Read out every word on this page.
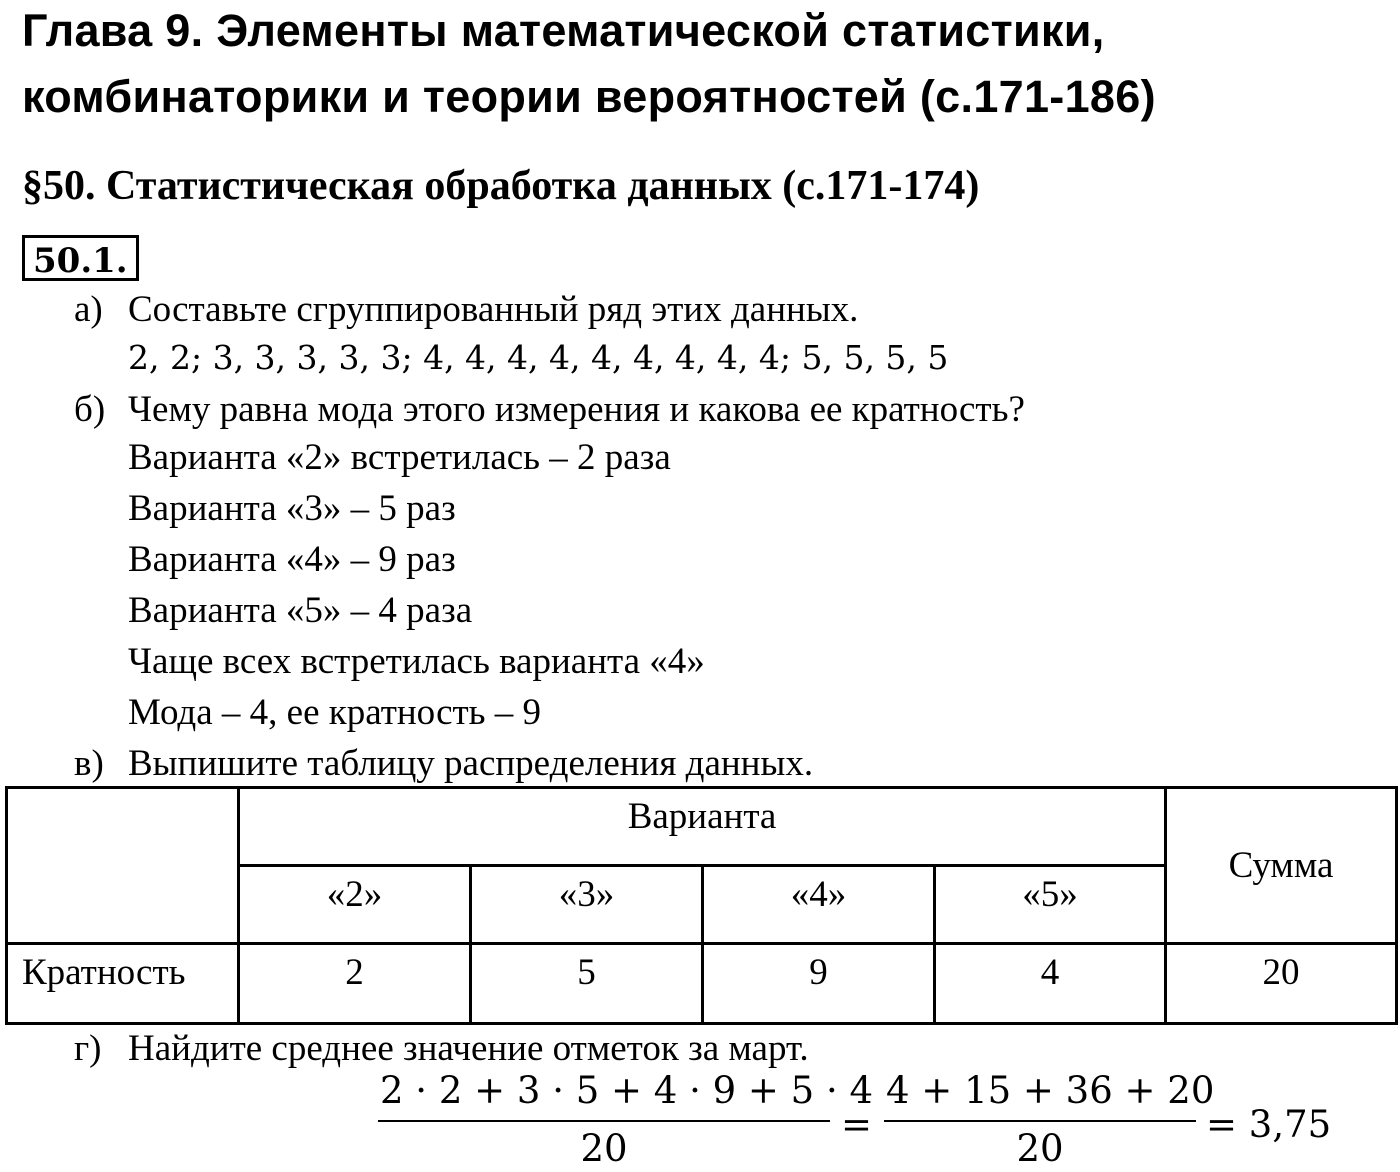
Глава 9. Элементы математической статистики,
комбинаторики и теории вероятностей (с.171-186)
§50. Статистическая обработка данных (с.171-174)
50.1.
а) Составьте сгруппированный ряд этих данных.
2, 2; 3, 3, 3, 3, 3; 4, 4, 4, 4, 4, 4, 4, 4, 4; 5, 5, 5, 5
б) Чему равна мода этого измерения и какова ее кратность?
Варианта «2» встретилась – 2 раза
Варианта «3» – 5 раз
Варианта «4» – 9 раз
Варианта «5» – 4 раза
Чаще всех встретилась варианта «4»
Мода – 4, ее кратность – 9
в) Выпишите таблицу распределения данных.
	Варианта				Сумма
	«2»	«3»	«4»	«5»	
Кратность	2	5	9	4	20
г) Найдите среднее значение отметок за март.
2 · 2 + 3 · 5 + 4 · 9 + 5 · 4
20
=
4 + 15 + 36 + 20
20
= 3,75
